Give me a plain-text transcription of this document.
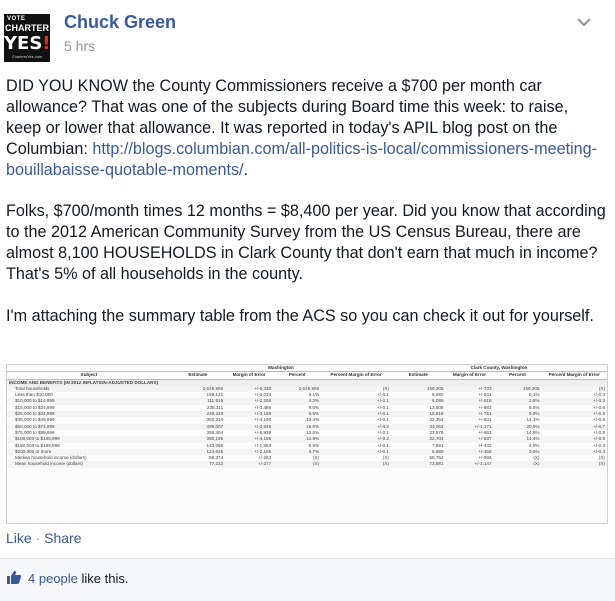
VOTE
CHARTER
YES!
ChartersYes.com
Chuck Green
5 hrs

DID YOU KNOW the County Commissioners receive a $700 per month car allowance? That was one of the subjects during Board time this week: to raise, keep or lower that allowance. It was reported in today's APIL blog post on the Columbian: http://blogs.columbian.com/all-politics-is-local/commissioners-meeting-bouillabaisse-quotable-moments/.

Folks, $700/month times 12 months = $8,400 per year. Did you know that according to the 2012 American Community Survey from the US Census Bureau, there are almost 8,100 HOUSEHOLDS in Clark County that don't earn that much in income? That's 5% of all households in the county.

I'm attaching the summary table from the ACS so you can check it out for yourself.

	Washington				Clark County, Washington			
Subject	Estimate	Margin of Error	Percent	Percent Margin of Error	Estimate	Margin of Error	Percent	Percent Margin of Error
INCOME AND BENEFITS (IN 2012 INFLATION-ADJUSTED DOLLARS)								
Total households	2,619,995	+/-5,330	2,619,995	(X)	158,305	+/-733	158,305	(X)
Less than $10,000	159,121	+/-3,034	6.1%	+/-0.1	8,090	+/-541	5.1%	+/-0.3
$10,000 to $14,999	111,915	+/-2,256	4.3%	+/-0.1	6,095	+/-618	3.8%	+/-0.3
$15,000 to $24,999	235,311	+/-3,486	9.0%	+/-0.1	13,505	+/-883	8.5%	+/-0.6
$25,000 to $34,999	248,220	+/-3,180	9.5%	+/-0.1	15,619	+/-751	9.9%	+/-0.5
$35,000 to $49,999	352,214	+/-4,190	13.4%	+/-0.1	22,354	+/-831	14.1%	+/-0.5
$50,000 to $74,999	499,007	+/-3,946	19.0%	+/-0.2	33,064	+/-1,171	20.9%	+/-0.7
$75,000 to $99,999	356,404	+/-5,939	13.6%	+/-0.1	23,579	+/-863	14.9%	+/-0.6
$100,000 to $149,999	390,195	+/-4,155	14.9%	+/-0.2	22,703	+/-837	14.4%	+/-0.5
$150,000 to $199,999	143,065	+/-1,854	5.5%	+/-0.1	7,691	+/-442	4.9%	+/-0.3
$200,000 or more	124,625	+/-2,165	4.7%	+/-0.1	5,589	+/-455	3.5%	+/-0.3
Median household income (dollars)	59,374	+/-263	(X)	(X)	58,764	+/-896	(X)	(X)
Mean household income (dollars)	77,232	+/-277	(X)	(X)	73,981	+/-1,147	(X)	(X)
Like · Share
4 people like this.
